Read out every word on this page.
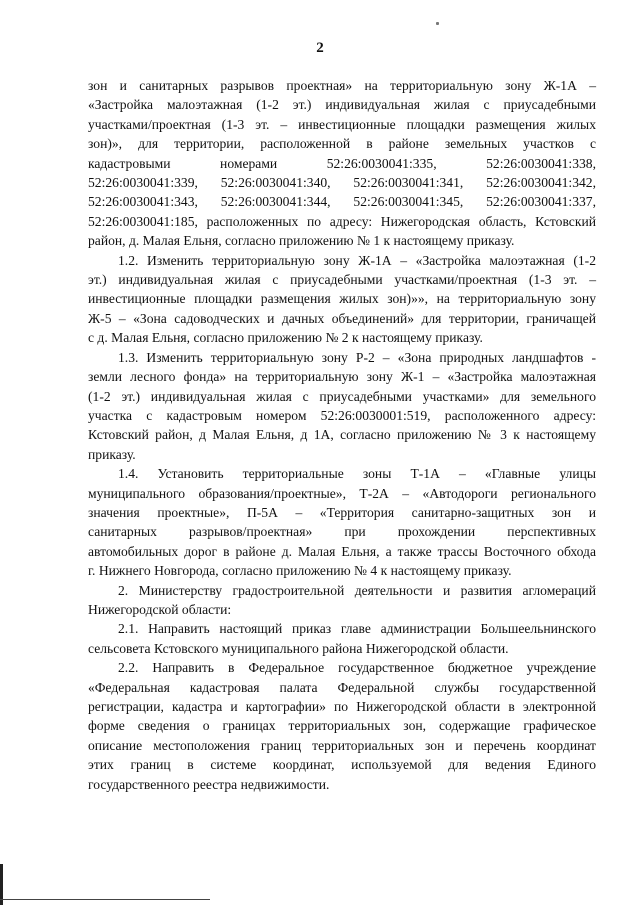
2
зон и санитарных разрывов проектная» на территориальную зону Ж-1А –
«Застройка малоэтажная (1-2 эт.) индивидуальная жилая с приусадебными
участками/проектная (1-3 эт. – инвестиционные площадки размещения жилых
зон)», для территории, расположенной в районе земельных участков с
кадастровыми номерами 52:26:0030041:335, 52:26:0030041:338,
52:26:0030041:339, 52:26:0030041:340, 52:26:0030041:341, 52:26:0030041:342,
52:26:0030041:343, 52:26:0030041:344, 52:26:0030041:345, 52:26:0030041:337,
52:26:0030041:185, расположенных по адресу: Нижегородская область, Кстовский
район, д. Малая Ельня, согласно приложению № 1 к настоящему приказу.
1.2. Изменить территориальную зону Ж-1А – «Застройка малоэтажная (1-2
эт.) индивидуальная жилая с приусадебными участками/проектная (1-3 эт. –
инвестиционные площадки размещения жилых зон)»», на территориальную зону
Ж-5 – «Зона садоводческих и дачных объединений» для территории, граничащей
с д. Малая Ельня, согласно приложению № 2 к настоящему приказу.
1.3. Изменить территориальную зону Р-2 – «Зона природных ландшафтов -
земли лесного фонда» на территориальную зону Ж-1 – «Застройка малоэтажная
(1-2 эт.) индивидуальная жилая с приусадебными участками» для земельного
участка с кадастровым номером 52:26:0030001:519, расположенного адресу:
Кстовский район, д Малая Ельня, д 1А, согласно приложению № 3 к настоящему
приказу.
1.4. Установить территориальные зоны Т-1А – «Главные улицы
муниципального образования/проектные», Т-2А – «Автодороги регионального
значения проектные», П-5А – «Территория санитарно-защитных зон и
санитарных разрывов/проектная» при прохождении перспективных
автомобильных дорог в районе д. Малая Ельня, а также трассы Восточного обхода
г. Нижнего Новгорода, согласно приложению № 4 к настоящему приказу.
2. Министерству градостроительной деятельности и развития агломераций
Нижегородской области:
2.1. Направить настоящий приказ главе администрации Большеельнинского
сельсовета Кстовского муниципального района Нижегородской области.
2.2. Направить в Федеральное государственное бюджетное учреждение
«Федеральная кадастровая палата Федеральной службы государственной
регистрации, кадастра и картографии» по Нижегородской области в электронной
форме сведения о границах территориальных зон, содержащие графическое
описание местоположения границ территориальных зон и перечень координат
этих границ в системе координат, используемой для ведения Единого
государственного реестра недвижимости.
